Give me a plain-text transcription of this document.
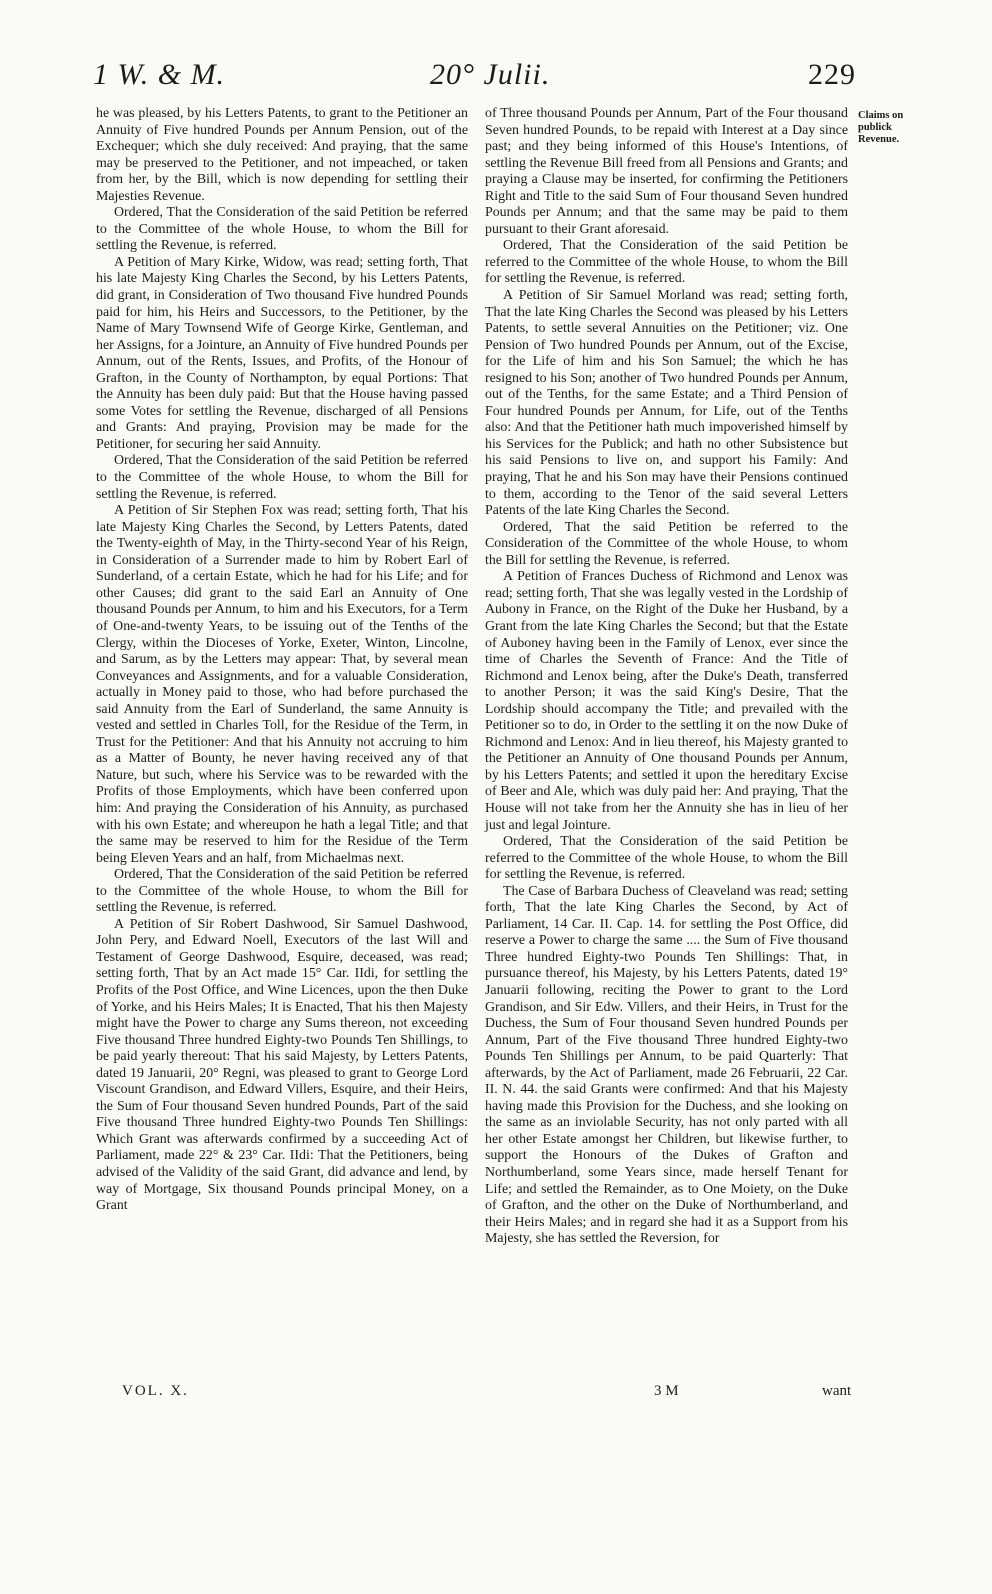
1 W. & M.	20° Julii.	229

he was pleased, by his Letters Patents, to grant to the Petitioner an Annuity of Five hundred Pounds per Annum Pension, out of the Exchequer; which she duly received: And praying, that the same may be preserved to the Petitioner, and not impeached, or taken from her, by the Bill, which is now depending for settling their Majesties Revenue.

Ordered, That the Consideration of the said Petition be referred to the Committee of the whole House, to whom the Bill for settling the Revenue, is referred.

A Petition of Mary Kirke, Widow, was read; setting forth, That his late Majesty King Charles the Second, by his Letters Patents, did grant, in Consideration of Two thousand Five hundred Pounds paid for him, his Heirs and Successors, to the Petitioner, by the Name of Mary Townsend Wife of George Kirke, Gentleman, and her Assigns, for a Jointure, an Annuity of Five hundred Pounds per Annum, out of the Rents, Issues, and Profits, of the Honour of Grafton, in the County of Northampton, by equal Portions: That the Annuity has been duly paid: But that the House having passed some Votes for settling the Revenue, discharged of all Pensions and Grants: And praying, Provision may be made for the Petitioner, for securing her said Annuity.

Ordered, That the Consideration of the said Petition be referred to the Committee of the whole House, to whom the Bill for settling the Revenue, is referred.

A Petition of Sir Stephen Fox was read; setting forth, That his late Majesty King Charles the Second, by Letters Patents, dated the Twenty-eighth of May, in the Thirty-second Year of his Reign, in Consideration of a Surrender made to him by Robert Earl of Sunderland, of a certain Estate, which he had for his Life; and for other Causes; did grant to the said Earl an Annuity of One thousand Pounds per Annum, to him and his Executors, for a Term of One-and-twenty Years, to be issuing out of the Tenths of the Clergy, within the Dioceses of Yorke, Exeter, Winton, Lincolne, and Sarum, as by the Letters may appear: That, by several mean Conveyances and Assignments, and for a valuable Consideration, actually in Money paid to those, who had before purchased the said Annuity from the Earl of Sunderland, the same Annuity is vested and settled in Charles Toll, for the Residue of the Term, in Trust for the Petitioner: And that his Annuity not accruing to him as a Matter of Bounty, he never having received any of that Nature, but such, where his Service was to be rewarded with the Profits of those Employments, which have been conferred upon him: And praying the Consideration of his Annuity, as purchased with his own Estate; and whereupon he hath a legal Title; and that the same may be reserved to him for the Residue of the Term being Eleven Years and an half, from Michaelmas next.

Ordered, That the Consideration of the said Petition be referred to the Committee of the whole House, to whom the Bill for settling the Revenue, is referred.

A Petition of Sir Robert Dashwood, Sir Samuel Dashwood, John Pery, and Edward Noell, Executors of the last Will and Testament of George Dashwood, Esquire, deceased, was read; setting forth, That by an Act made 15° Car. IIdi, for settling the Profits of the Post Office, and Wine Licences, upon the then Duke of Yorke, and his Heirs Males; It is Enacted, That his then Majesty might have the Power to charge any Sums thereon, not exceeding Five thousand Three hundred Eighty-two Pounds Ten Shillings, to be paid yearly thereout: That his said Majesty, by Letters Patents, dated 19 Januarii, 20° Regni, was pleased to grant to George Lord Viscount Grandison, and Edward Villers, Esquire, and their Heirs, the Sum of Four thousand Seven hundred Pounds, Part of the said Five thousand Three hundred Eighty-two Pounds Ten Shillings: Which Grant was afterwards confirmed by a succeeding Act of Parliament, made 22° & 23° Car. IIdi: That the Petitioners, being advised of the Validity of the said Grant, did advance and lend, by way of Mortgage, Six thousand Pounds principal Money, on a Grant

of Three thousand Pounds per Annum, Part of the Four thousand Seven hundred Pounds, to be repaid with Interest at a Day since past; and they being informed of this House's Intentions, of settling the Revenue Bill freed from all Pensions and Grants; and praying a Clause may be inserted, for confirming the Petitioners Right and Title to the said Sum of Four thousand Seven hundred Pounds per Annum; and that the same may be paid to them pursuant to their Grant aforesaid.

Ordered, That the Consideration of the said Petition be referred to the Committee of the whole House, to whom the Bill for settling the Revenue, is referred.

A Petition of Sir Samuel Morland was read; setting forth, That the late King Charles the Second was pleased by his Letters Patents, to settle several Annuities on the Petitioner; viz. One Pension of Two hundred Pounds per Annum, out of the Excise, for the Life of him and his Son Samuel; the which he has resigned to his Son; another of Two hundred Pounds per Annum, out of the Tenths, for the same Estate; and a Third Pension of Four hundred Pounds per Annum, for Life, out of the Tenths also: And that the Petitioner hath much impoverished himself by his Services for the Publick; and hath no other Subsistence but his said Pensions to live on, and support his Family: And praying, That he and his Son may have their Pensions continued to them, according to the Tenor of the said several Letters Patents of the late King Charles the Second.

Ordered, That the said Petition be referred to the Consideration of the Committee of the whole House, to whom the Bill for settling the Revenue, is referred.

A Petition of Frances Duchess of Richmond and Lenox was read; setting forth, That she was legally vested in the Lordship of Aubony in France, on the Right of the Duke her Husband, by a Grant from the late King Charles the Second; but that the Estate of Auboney having been in the Family of Lenox, ever since the time of Charles the Seventh of France: And the Title of Richmond and Lenox being, after the Duke's Death, transferred to another Person; it was the said King's Desire, That the Lordship should accompany the Title; and prevailed with the Petitioner so to do, in Order to the settling it on the now Duke of Richmond and Lenox: And in lieu thereof, his Majesty granted to the Petitioner an Annuity of One thousand Pounds per Annum, by his Letters Patents; and settled it upon the hereditary Excise of Beer and Ale, which was duly paid her: And praying, That the House will not take from her the Annuity she has in lieu of her just and legal Jointure.

Ordered, That the Consideration of the said Petition be referred to the Committee of the whole House, to whom the Bill for settling the Revenue, is referred.

The Case of Barbara Duchess of Cleaveland was read; setting forth, That the late King Charles the Second, by Act of Parliament, 14 Car. II. Cap. 14. for settling the Post Office, did reserve a Power to charge the same .... the Sum of Five thousand Three hundred Eighty-two Pounds Ten Shillings: That, in pursuance thereof, his Majesty, by his Letters Patents, dated 19° Januarii following, reciting the Power to grant to the Lord Grandison, and Sir Edw. Villers, and their Heirs, in Trust for the Duchess, the Sum of Four thousand Seven hundred Pounds per Annum, Part of the Five thousand Three hundred Eighty-two Pounds Ten Shillings per Annum, to be paid Quarterly: That afterwards, by the Act of Parliament, made 26 Februarii, 22 Car. II. N. 44. the said Grants were confirmed: And that his Majesty having made this Provision for the Duchess, and she looking on the same as an inviolable Security, has not only parted with all her other Estate amongst her Children, but likewise further, to support the Honours of the Dukes of Grafton and Northumberland, some Years since, made herself Tenant for Life; and settled the Remainder, as to One Moiety, on the Duke of Grafton, and the other on the Duke of Northumberland, and their Heirs Males; and in regard she had it as a Support from his Majesty, she has settled the Reversion, for

Claims on
publick
Revenue.
VOL. X.	3 M	want
·
